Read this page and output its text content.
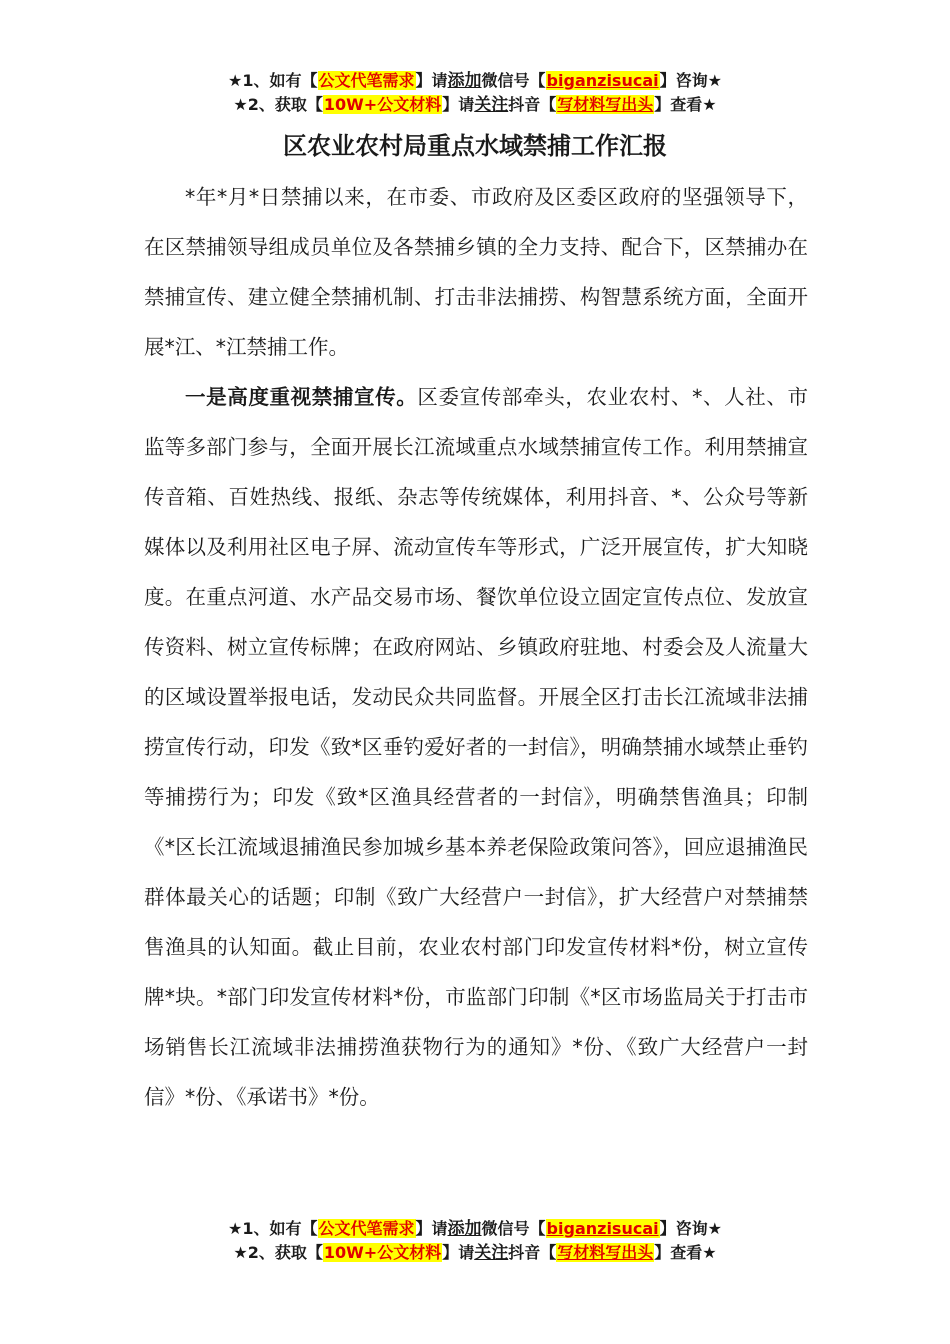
★1、如有【公文代笔需求】请添加微信号【biganzisucai】咨询★
★2、获取【10W+公文材料】请关注抖音【写材料写出头】查看★
区农业农村局重点水域禁捕工作汇报

*年*月*日禁捕以来，在市委、市政府及区委区政府的坚强领导下，在区禁捕领导组成员单位及各禁捕乡镇的全力支持、配合下，区禁捕办在禁捕宣传、建立健全禁捕机制、打击非法捕捞、构智慧系统方面，全面开展*江、*江禁捕工作。

一是高度重视禁捕宣传。区委宣传部牵头，农业农村、*、人社、市监等多部门参与，全面开展长江流域重点水域禁捕宣传工作。利用禁捕宣传音箱、百姓热线、报纸、杂志等传统媒体，利用抖音、*、公众号等新媒体以及利用社区电子屏、流动宣传车等形式，广泛开展宣传，扩大知晓度。在重点河道、水产品交易市场、餐饮单位设立固定宣传点位、发放宣传资料、树立宣传标牌；在政府网站、乡镇政府驻地、村委会及人流量大的区域设置举报电话，发动民众共同监督。开展全区打击长江流域非法捕捞宣传行动，印发《致*区垂钓爱好者的一封信》，明确禁捕水域禁止垂钓等捕捞行为；印发《致*区渔具经营者的一封信》，明确禁售渔具；印制《*区长江流域退捕渔民参加城乡基本养老保险政策问答》，回应退捕渔民群体最关心的话题；印制《致广大经营户一封信》，扩大经营户对禁捕禁售渔具的认知面。截止目前，农业农村部门印发宣传材料*份，树立宣传牌*块。*部门印发宣传材料*份，市监部门印制《*区市场监局关于打击市场销售长江流域非法捕捞渔获物行为的通知》*份、《致广大经营户一封信》*份、《承诺书》*份。

★1、如有【公文代笔需求】请添加微信号【biganzisucai】咨询★
★2、获取【10W+公文材料】请关注抖音【写材料写出头】查看★
